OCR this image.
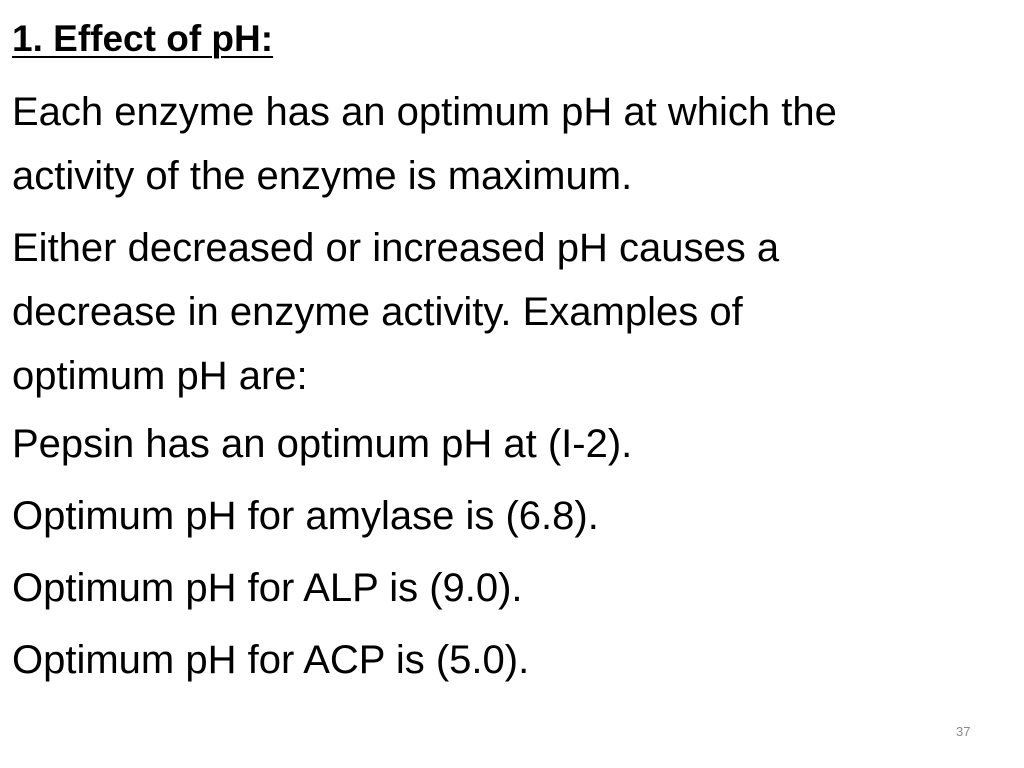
1. Effect of pH:

Each enzyme has an optimum pH at which the
activity of the enzyme is maximum.

Either decreased or increased pH causes a
decrease in enzyme activity. Examples of
optimum pH are:

Pepsin has an optimum pH at (I-2).

Optimum pH for amylase is (6.8).

Optimum pH for ALP is (9.0).

Optimum pH for ACP is (5.0).

37
